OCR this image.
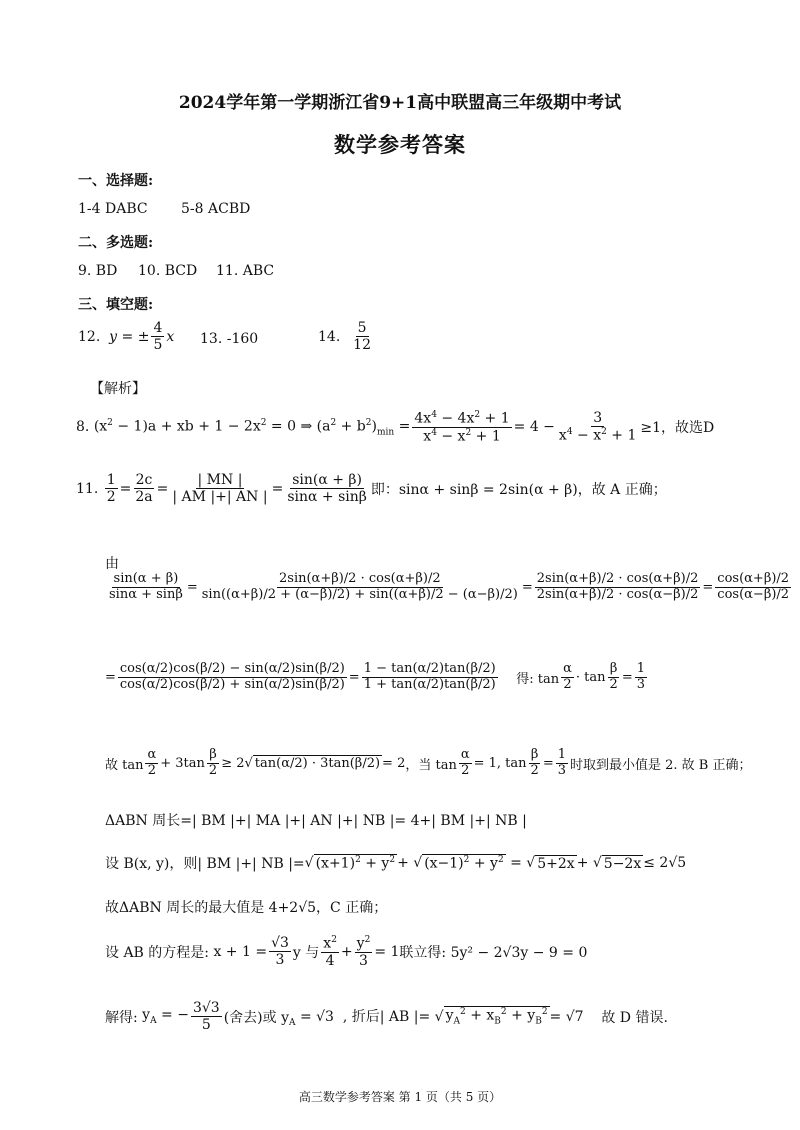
2024学年第一学期浙江省9+1高中联盟高三年级期中考试
数学参考答案
一、选择题:
1-4 DABC 5-8 ACBD
二、多选题:
9. BD 10. BCD 11. ABC
三、填空题:
12.
y = ± $\frac{4}{5}$ x 13. -160	14.
$\frac{5}{12}$
【解析】
8.
$(x^2 - 1)a$ + xb + $1 - 2x^2 = 0$ ⇒ $(a^2 + b^2)_{min} = \frac{4x^4 - 4x^2 + 1}{x^4 - x^2 + 1} = 4 - \frac{3}{x^4 - x^2 + 1} \ge 1$，故选D
11.
$\frac{1}{2} = \frac{2c}{2a} = \frac{| MN |}{| AM |+| AN |} = \frac{\sin(\alpha + \beta)}{\sin\alpha + \sin\beta}$ 即：sinα + sinβ = 2sin(α + β)，故 A 正确；
由
$\frac{\sin(\alpha + \beta)}{\sin\alpha + \sin\beta} = \frac{2\sin(\alpha+\beta)/2 \cdot \cos(\alpha+\beta)/2}{\sin((\alpha+\beta)/2 + (\alpha-\beta)/2) + \sin((\alpha+\beta)/2 - (\alpha-\beta)/2)} = \frac{2\sin(\alpha+\beta)/2 \cdot \cos(\alpha+\beta)/2}{2\sin(\alpha+\beta)/2 \cdot \cos(\alpha-\beta)/2} = \frac{\cos(\alpha+\beta)/2}{\cos(\alpha-\beta)/2}$
= $\frac{\cos(\alpha/2)\cos(\beta/2) - \sin(\alpha/2)\sin(\beta/2)}{\cos(\alpha/2)\cos(\beta/2) + \sin(\alpha/2)\sin(\beta/2)} = \frac{1 - \tan(\alpha/2)\tan(\beta/2)}{1 + \tan(\alpha/2)\tan(\beta/2)}$
得: $\tan \frac{\alpha}{2} \cdot \tan \frac{\beta}{2} = \frac{1}{3}$
故 $\tan \frac{\alpha}{2} + 3\tan \frac{\beta}{2} \ge 2√$ tan(α/2) · 3tan(β/2) = 2 ，当 $\tan \frac{\alpha}{2} = 1$, $\tan \frac{\beta}{2} = \frac{1}{3}$ 时取到最小值是 2. 故 B 正确；
ΔABN 周长=| BM |+| MA |+| AN |+| NB |= 4+| BM |+| NB |
设 B(x, y)，则| BM |+| NB |= √ $(x+1)^2 + y^2$ + √ $(x-1)^2 + y^2$ = √ 5+2x + √ 5−2x ≤ 2√5
故ΔABN 周长的最大值是 4+2√5，C 正确；
设 AB 的方程是: $x + 1 = \frac{√3}{3}$ y 与 $\frac{x^2}{4} + \frac{y^2}{3} = 1$ 联立得: 5y² − 2√3y − 9 = 0
解得: $y_A$ = − $\frac{3√3}{5}$ (舍去)或 y $_A$ = √3  , 折后| AB |= √ $y_A^2 + x_B^2 + y_B^2 = √7$ 故 D 错误.
高三数学参考答案 第 1 页（共 5 页）
